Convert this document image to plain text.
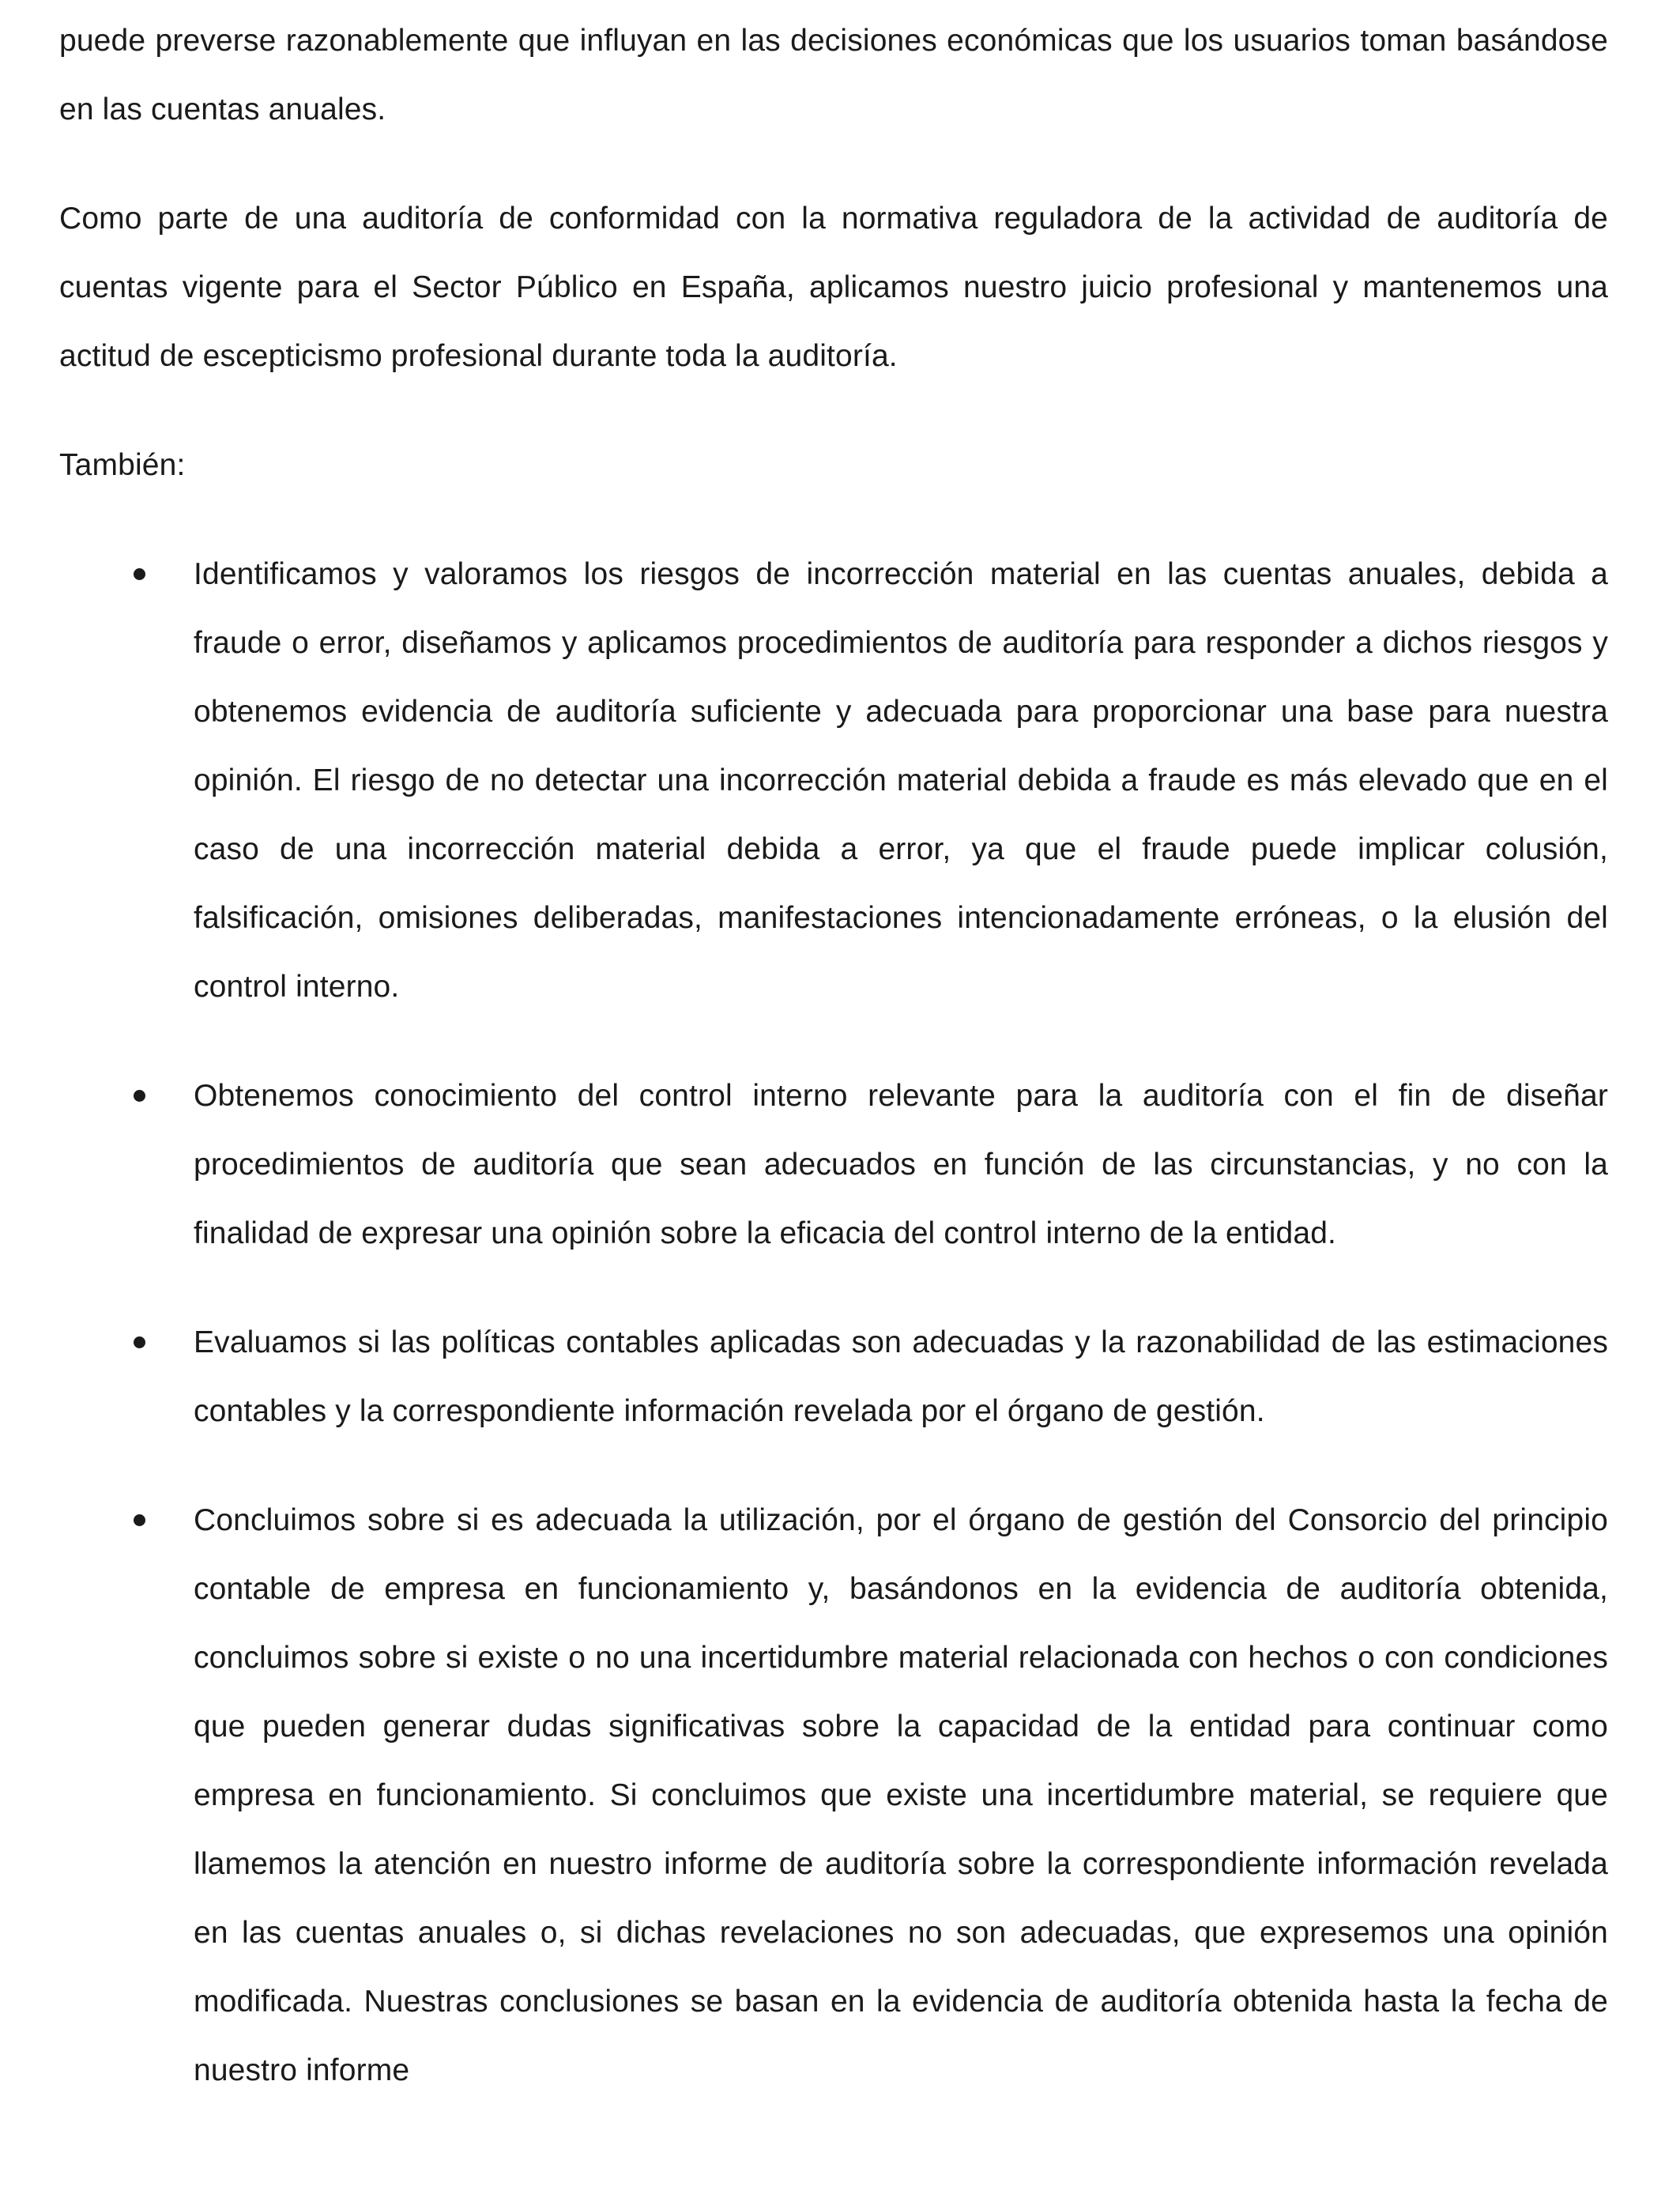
puede preverse razonablemente que influyan en las decisiones económicas que los usuarios toman basándose en las cuentas anuales.

Como parte de una auditoría de conformidad con la normativa reguladora de la actividad de auditoría de cuentas vigente para el Sector Público en España, aplicamos nuestro juicio profesional y mantenemos una actitud de escepticismo profesional durante toda la auditoría.

También:

Identificamos y valoramos los riesgos de incorrección material en las cuentas anuales, debida a fraude o error, diseñamos y aplicamos procedimientos de auditoría para responder a dichos riesgos y obtenemos evidencia de auditoría suficiente y adecuada para proporcionar una base para nuestra opinión. El riesgo de no detectar una incorrección material debida a fraude es más elevado que en el caso de una incorrección material debida a error, ya que el fraude puede implicar colusión, falsificación, omisiones deliberadas, manifestaciones intencionadamente erróneas, o la elusión del control interno.

Obtenemos conocimiento del control interno relevante para la auditoría con el fin de diseñar procedimientos de auditoría que sean adecuados en función de las circunstancias, y no con la finalidad de expresar una opinión sobre la eficacia del control interno de la entidad.

Evaluamos si las políticas contables aplicadas son adecuadas y la razonabilidad de las estimaciones contables y la correspondiente información revelada por el órgano de gestión.

Concluimos sobre si es adecuada la utilización, por el órgano de gestión del Consorcio del principio contable de empresa en funcionamiento y, basándonos en la evidencia de auditoría obtenida, concluimos sobre si existe o no una incertidumbre material relacionada con hechos o con condiciones que pueden generar dudas significativas sobre la capacidad de la entidad para continuar como empresa en funcionamiento. Si concluimos que existe una incertidumbre material, se requiere que llamemos la atención en nuestro informe de auditoría sobre la correspondiente información revelada en las cuentas anuales o, si dichas revelaciones no son adecuadas, que expresemos una opinión modificada. Nuestras conclusiones se basan en la evidencia de auditoría obtenida hasta la fecha de nuestro informe
